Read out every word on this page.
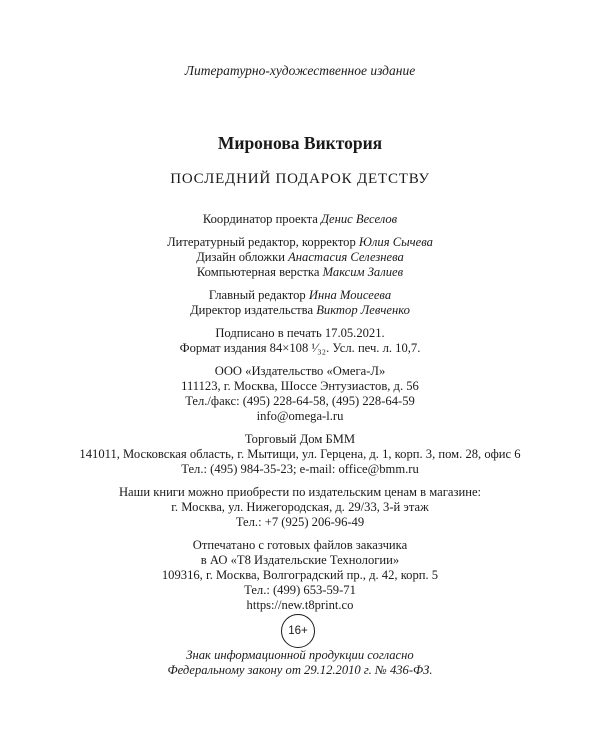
Литературно-художественное издание
Миронова Виктория
ПОСЛЕДНИЙ ПОДАРОК ДЕТСТВУ
Координатор проекта Денис Веселов
Литературный редактор, корректор Юлия Сычева
Дизайн обложки Анастасия Селезнева
Компьютерная верстка Максим Залиев
Главный редактор Инна Моисеева
Директор издательства Виктор Левченко
Подписано в печать 17.05.2021.
Формат издания 84×108 ¹⁄₃₂. Усл. печ. л. 10,7.
ООО «Издательство «Омега-Л»
111123, г. Москва, Шоссе Энтузиастов, д. 56
Тел./факс: (495) 228-64-58, (495) 228-64-59
info@omega-l.ru
Торговый Дом БММ
141011, Московская область, г. Мытищи, ул. Герцена, д. 1, корп. 3, пом. 28, офис 6
Тел.: (495) 984-35-23; e-mail: office@bmm.ru
Наши книги можно приобрести по издательским ценам в магазине:
г. Москва, ул. Нижегородская, д. 29/33, 3-й этаж
Тел.: +7 (925) 206-96-49
Отпечатано с готовых файлов заказчика
в АО «Т8 Издательские Технологии»
109316, г. Москва, Волгоградский пр., д. 42, корп. 5
Тел.: (499) 653-59-71
https://new.t8print.co
16+
Знак информационной продукции согласно
Федеральному закону от 29.12.2010 г. № 436-ФЗ.
